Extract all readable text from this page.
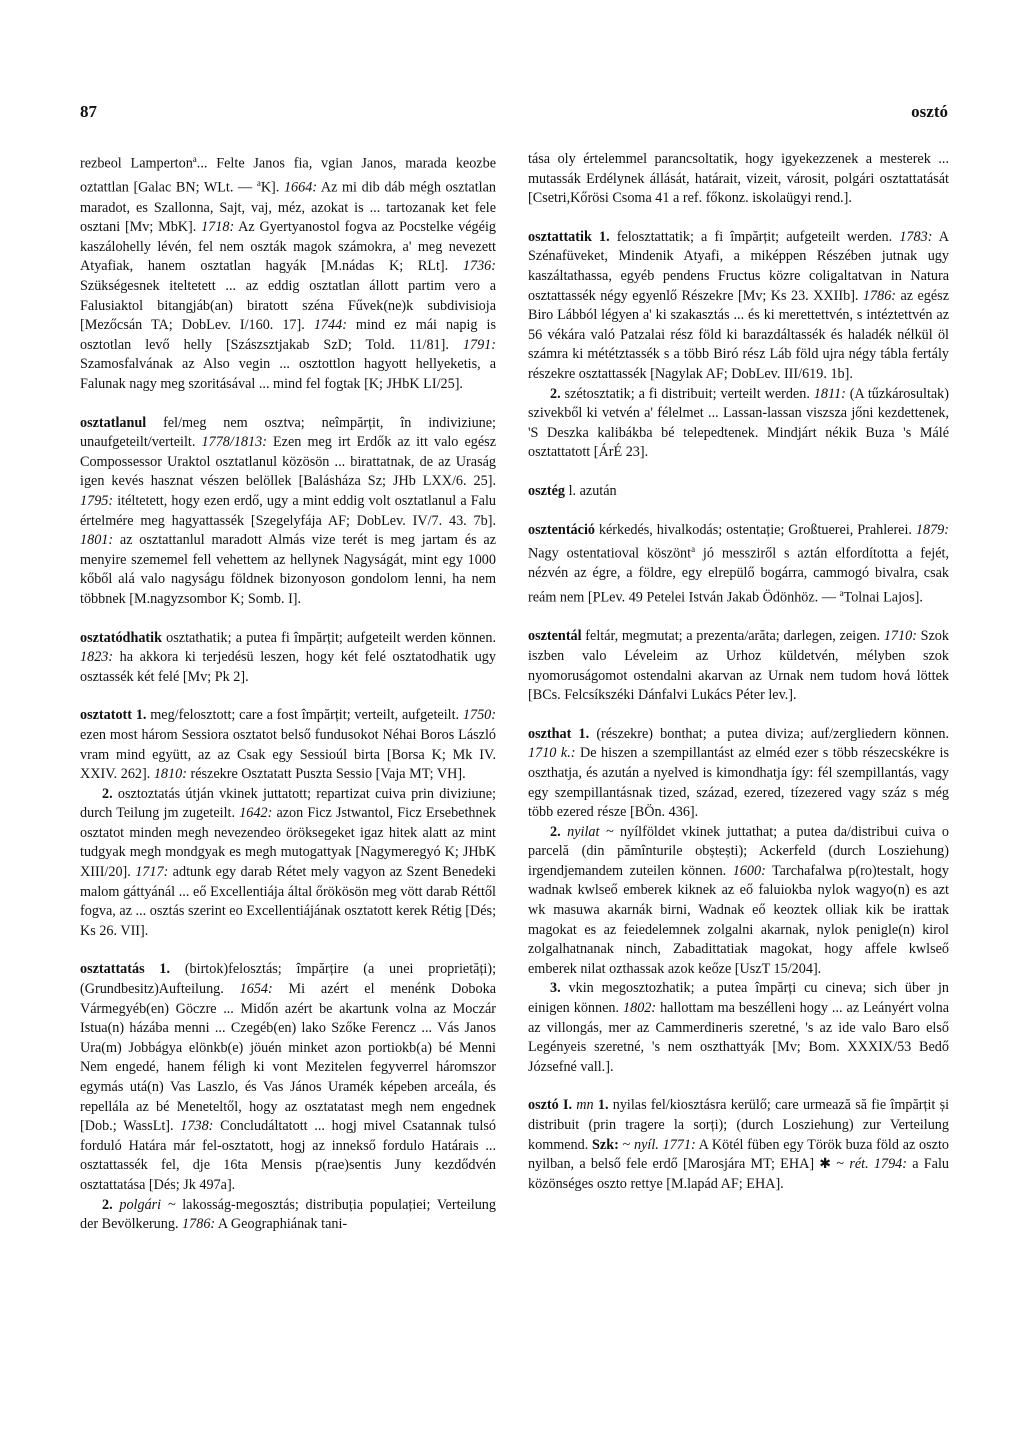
87	osztó

rezbeol Lamperton$^a$... Felte Janos fia, vgian Janos, marada keozbe oztattlan [Galac BN; WLt. — $^a$K]. 1664: Az mi dib dáb mégh osztatlan maradot, es Szallonna, Sajt, vaj, méz, azokat is ... tartozanak ket fele osztani [Mv; MbK]. 1718: Az Gyertyanostol fogva az Pocstelke végéig kaszálohelly lévén, fel nem oszták magok számokra, a' meg nevezett Atyafiak, hanem osztatlan hagyák [M.nádas K; RLt]. 1736: Szükségesnek iteltetett ... az eddig osztatlan állott partim vero a Falusiaktol bitangjáb(an) biratott széna Fűvek(ne)k subdivisioja [Mezőcsán TA; DobLev. I/160. 17]. 1744: mind ez mái napig is osztotlan levő helly [Szászsztjakab SzD; Told. 11/81]. 1791: Szamosfalvának az Also vegin ... osztottlon hagyott hellyeketis, a Falunak nagy meg szoritásával ... mind fel fogtak [K; JHbK LI/25].

osztatlanul fel/meg nem osztva; neîmpărțit, în indiviziune; unaufgeteilt/verteilt. 1778/1813: Ezen meg irt Erdők az itt valo egész Compossessor Uraktol osztatlanul közösön ... birattatnak, de az Uraság igen kevés hasznat vészen belöllek [Balásháza Sz; JHb LXX/6. 25]. 1795: itéltetett, hogy ezen erdő, ugy a mint eddig volt osztatlanul a Falu értelmére meg hagyattassék [Szegelyfája AF; DobLev. IV/7. 43. 7b]. 1801: az osztattanlul maradott Almás vize terét is meg jartam és az menyire szememel fell vehettem az hellynek Nagyságát, mint egy 1000 kőből alá valo nagyságu földnek bizonyoson gondolom lenni, ha nem többnek [M.nagyzsombor K; Somb. I].

osztatódhatik osztathatik; a putea fi împărțit; aufgeteilt werden können. 1823: ha akkora ki terjedésü leszen, hogy két felé osztatodhatik ugy osztassék két felé [Mv; Pk 2].

osztatott 1. meg/felosztott; care a fost împărțit; verteilt, aufgeteilt. 1750: ezen most három Sessiora osztatot belső fundusokot Néhai Boros László vram mind együtt, az az Csak egy Sessioúl birta [Borsa K; Mk IV. XXIV. 262]. 1810: részekre Osztatatt Puszta Sessio [Vaja MT; VH].

2. osztoztatás útján vkinek juttatott; repartizat cuiva prin diviziune; durch Teilung jm zugeteilt. 1642: azon Ficz Jstwantol, Ficz Ersebethnek osztatot minden megh nevezendeo öröksegeket igaz hitek alatt az mint tudgyak megh mondgyak es megh mutogattyak [Nagymeregyó K; JHbK XIII/20]. 1717: adtunk egy darab Rétet mely vagyon az Szent Benedeki malom gáttyánál ... eő Excellentiája által őrökösön meg vött darab Réttől fogva, az ... osztás szerint eo Excellentiájának osztatott kerek Rétig [Dés; Ks 26. VII].

osztattatás 1. (birtok)felosztás; împărțire (a unei proprietăți); (Grundbesitz)Aufteilung. 1654: Mi azért el menénk Doboka Vármegyéb(en) Göczre ... Midőn azért be akartunk volna az Moczár Istua(n) házába menni ... Czegéb(en) lako Szőke Ferencz ... Vás Janos Ura(m) Jobbágya elönkb(e) jöuén minket azon portiokb(a) bé Menni Nem engedé, hanem féligh ki vont Mezitelen fegyverrel háromszor egymás utá(n) Vas Laszlo, és Vas János Uramék képeben arceála, és repellála az bé Meneteltől, hogy az osztatatast megh nem engednek [Dob.; WassLt]. 1738: Concludáltatott ... hogj mivel Csatannak tulsó forduló Határa már fel-osztatott, hogj az innekső fordulo Határais ... osztattassék fel, dje 16ta Mensis p(rae)sentis Juny kezdődvén osztattatása [Dés; Jk 497a].

2. polgári ~ lakosság-megosztás; distribuția populației; Verteilung der Bevölkerung. 1786: A Geographiának tani-

tása oly értelemmel parancsoltatik, hogy igyekezzenek a mesterek ... mutassák Erdélynek állását, határait, vizeit, városit, polgári osztattatását [Csetri,Kőrösi Csoma 41 a ref. főkonz. iskolaügyi rend.].

osztattatik 1. felosztattatik; a fi împărțit; aufgeteilt werden. 1783: A Szénafüveket, Mindenik Atyafi, a miképpen Részében jutnak ugy kaszáltathassa, egyéb pendens Fructus közre coligaltatvan in Natura osztattassék négy egyenlő Részekre [Mv; Ks 23. XXIIb]. 1786: az egész Biro Lábból légyen a' ki szakasztás ... és ki merettettvén, s intéztettvén az 56 vékára való Patzalai rész föld ki barazdáltassék és haladék nélkül öl számra ki mététztassék s a több Biró rész Láb föld ujra négy tábla fertály részekre osztattassék [Nagylak AF; DobLev. III/619. 1b].

2. szétosztatik; a fi distribuit; verteilt werden. 1811: (A tűzkárosultak) szivekből ki vetvén a' félelmet ... Lassan-lassan viszsza jőni kezdettenek, 'S Deszka kalibákba bé telepedtenek. Mindjárt nékik Buza 's Málé osztattatott [ÁrÉ 23].

osztég l. azután

osztentáció kérkedés, hivalkodás; ostentație; Großtuerei, Prahlerei. 1879: Nagy ostentatioval köszönt$^a$ jó messziről s aztán elfordította a fejét, nézvén az égre, a földre, egy elrepülő bogárra, cammogó bivalra, csak reám nem [PLev. 49 Petelei István Jakab Ödönhöz. — $^a$Tolnai Lajos].

osztentál feltár, megmutat; a prezenta/arăta; darlegen, zeigen. 1710: Szok iszben valo Léveleim az Urhoz küldetvén, mélyben szok nyomoruságomot ostendalni akarvan az Urnak nem tudom hová löttek [BCs. Felcsíkszéki Dánfalvi Lukács Péter lev.].

oszthat 1. (részekre) bonthat; a putea diviza; auf/zergliedern können. 1710 k.: De hiszen a szempillantást az elméd ezer s több részecskékre is oszthatja, és azután a nyelved is kimondhatja így: fél szempillantás, vagy egy szempillantásnak tized, század, ezered, tízezered vagy száz s még több ezered része [BÖn. 436].

2. nyilat ~ nyílföldet vkinek juttathat; a putea da/distribui cuiva o parcelă (din pămînturile obștești); Ackerfeld (durch Losziehung) irgendjemandem zuteilen können. 1600: Tarchafalwa p(ro)testalt, hogy wadnak kwlseő emberek kiknek az eő faluiokba nylok wagyo(n) es azt wk masuwa akarnák birni, Wadnak eő keoztek olliak kik be irattak magokat es az feiedelemnek zolgalni akarnak, nylok penigle(n) kirol zolgalhatnanak ninch, Zabadittatiak magokat, hogy affele kwlseő emberek nilat ozthassak azok keőze [UszT 15/204].

3. vkin megosztozhatik; a putea împărți cu cineva; sich über jn einigen können. 1802: hallottam ma beszélleni hogy ... az Leányért volna az villongás, mer az Cammerdineris szeretné, 's az ide valo Baro első Legényeis szeretné, 's nem oszthattyák [Mv; Bom. XXXIX/53 Bedő Józsefné vall.].

osztó I. mn 1. nyilas fel/kiosztásra kerülő; care urmează să fie împărțit și distribuit (prin tragere la sorți); (durch Losziehung) zur Verteilung kommend. Szk: ~ nyíl. 1771: A Kötél füben egy Török buza föld az oszto nyilban, a belső fele erdő [Marosjára MT; EHA] ✱ ~ rét. 1794: a Falu közönséges oszto rettye [M.lapád AF; EHA].
